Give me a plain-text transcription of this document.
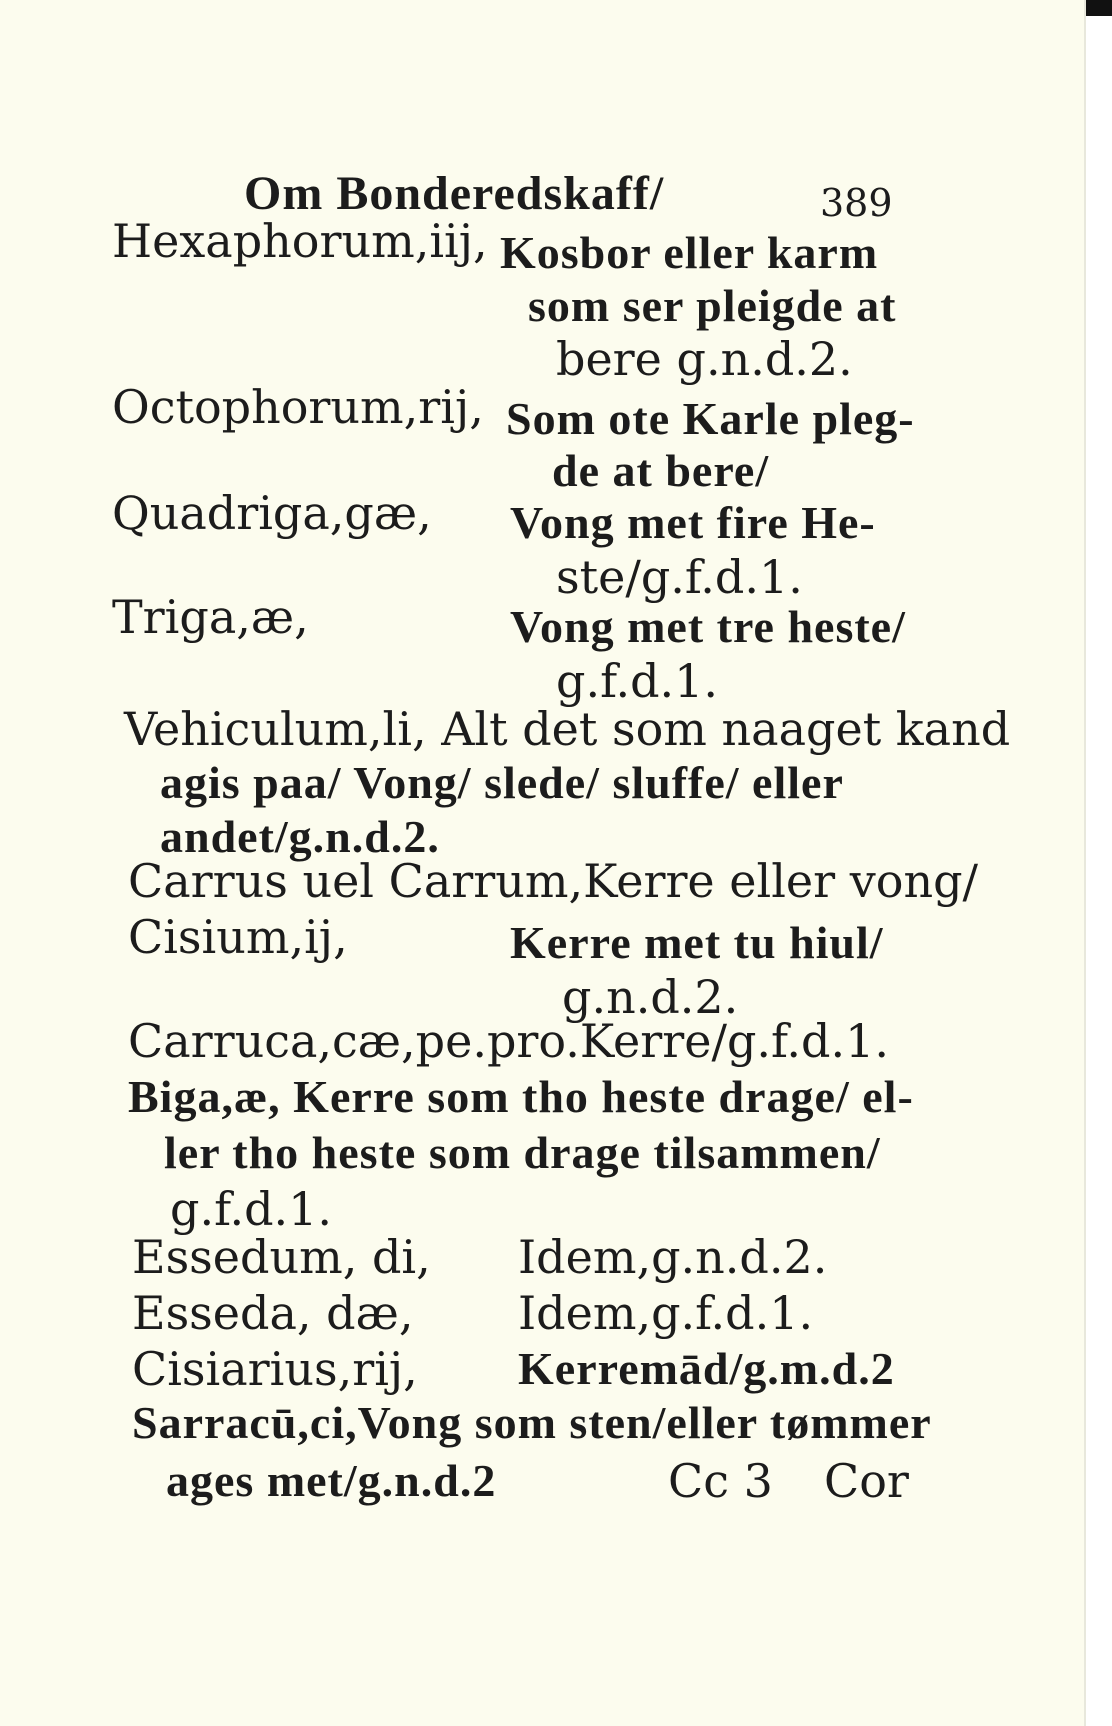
Om Bonderedskaff/	389
Hexaphorum,iij, Kosbor eller karm
som ser pleigde at
bere g.n.d.2.
Octophorum,rij, Som ote Karle pleg-
de at bere/
Quadriga,gæ, Vong met fire He-
ste/g.f.d.1.
Triga,æ,	Vong met tre heste/
g.f.d.1.
Vehiculum,li, Alt det som naaget kand
agis paa/ Vong/ slede/ sluffe/ eller
andet/g.n.d.2.
Carrus uel Carrum,Kerre eller vong/
Cisium,ij,	Kerre met tu hiul/
g.n.d.2.
Carruca,cæ,pe.pro.Kerre/g.f.d.1.
Biga,æ, Kerre som tho heste drage/ el-
ler tho heste som drage tilsammen/
g.f.d.1.
Essedum, di, Idem,g.n.d.2.
Esseda, dæ, Idem,g.f.d.1.
Cisiarius,rij, Kerremād/g.m.d.2
Sarracū,ci,Vong som sten/eller tømmer
ages met/g.n.d.2	Cc 3 Cor
